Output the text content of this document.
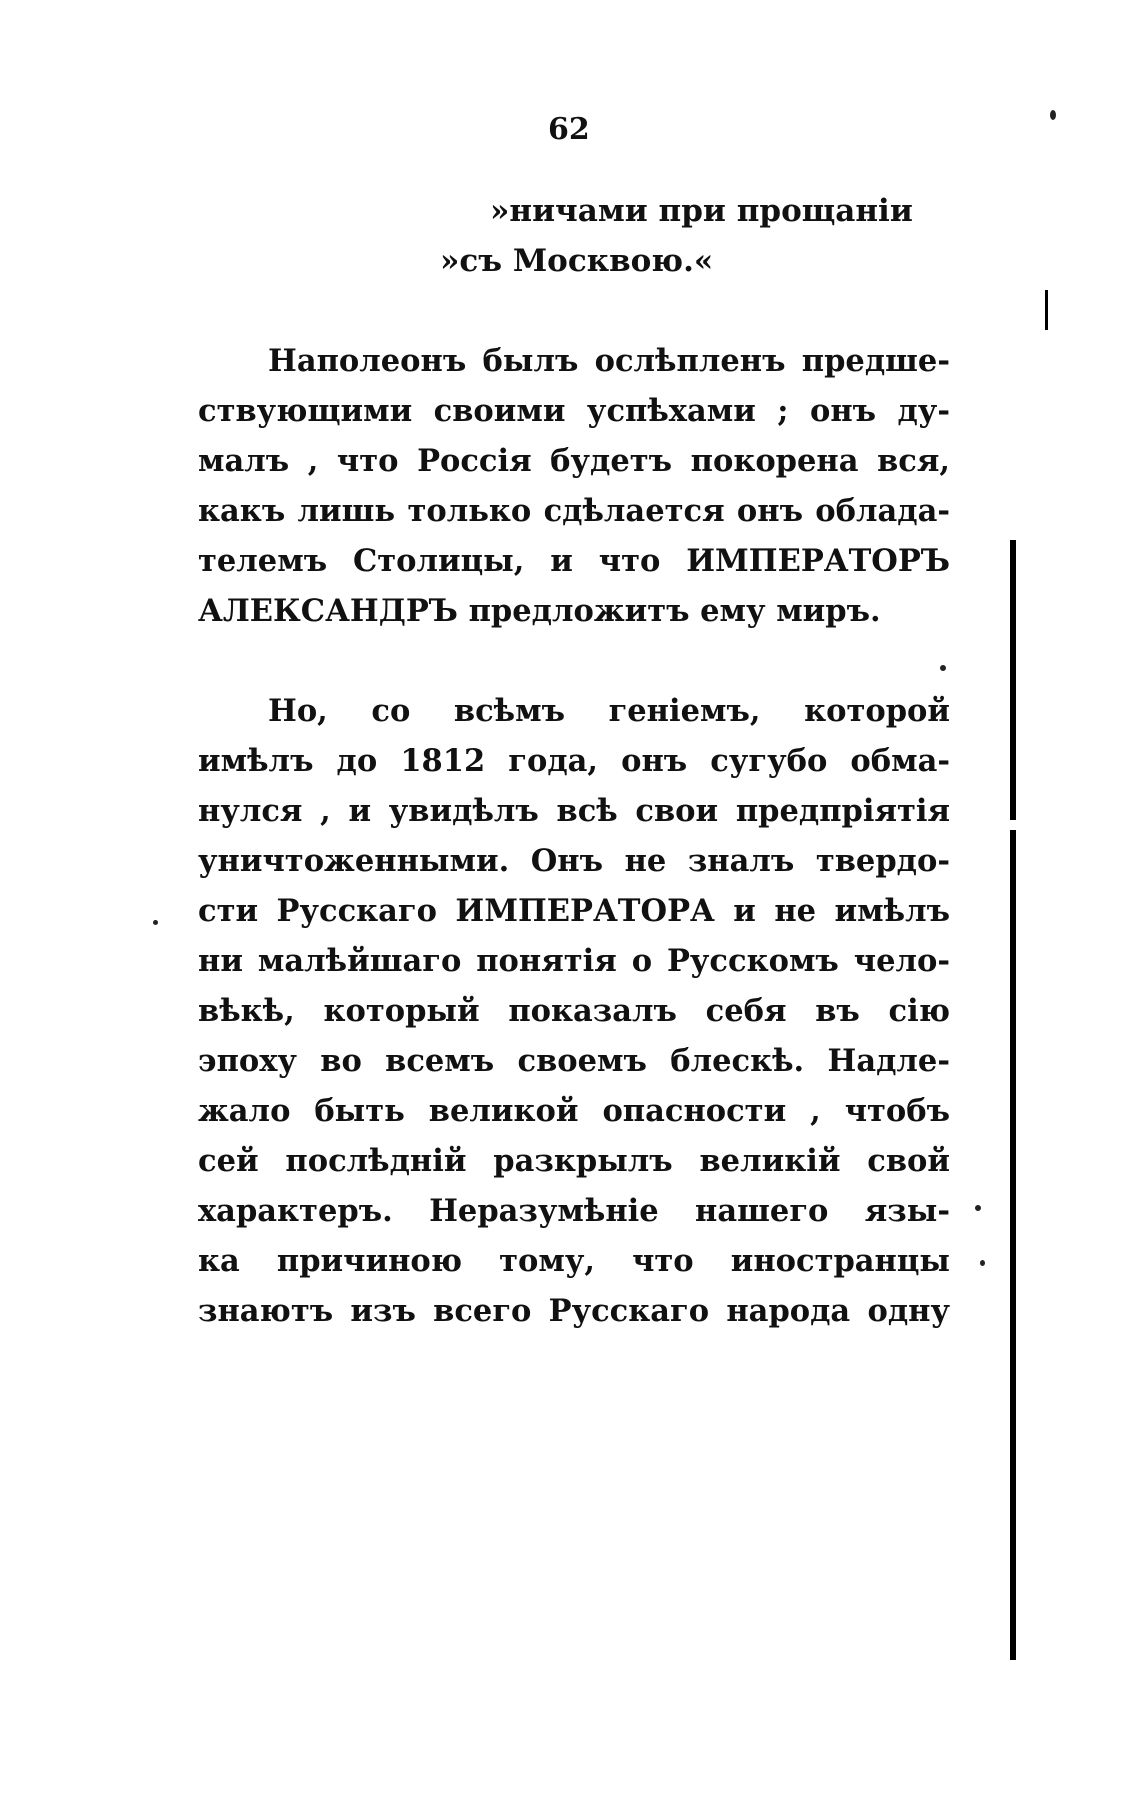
62
»ничами при прощаніи
»съ Москвою.«
Наполеонъ былъ ослѣпленъ предше-
ствующими своими успѣхами ; онъ ду-
малъ , что Россія будетъ покорена вся,
какъ лишь только сдѣлается онъ облада-
телемъ Столицы, и что ИМПЕРАТОРЪ
АЛЕКСАНДРЪ предложитъ ему миръ.
Но, со всѣмъ геніемъ, которой
имѣлъ до 1812 года, онъ сугубо обма-
нулся , и увидѣлъ всѣ свои предпріятія
уничтоженными. Онъ не зналъ твердо-
сти Русскаго ИМПЕРАТОРА и не имѣлъ
ни малѣйшаго понятія о Русскомъ чело-
вѣкѣ, который показалъ себя въ сію
эпоху во всемъ своемъ блескѣ. Надле-
жало быть великой опасности , чтобъ
сей послѣдній разкрылъ великій свой
характеръ. Неразумѣніе нашего язы-
ка причиною тому, что иностранцы
знаютъ изъ всего Русскаго народа одну
